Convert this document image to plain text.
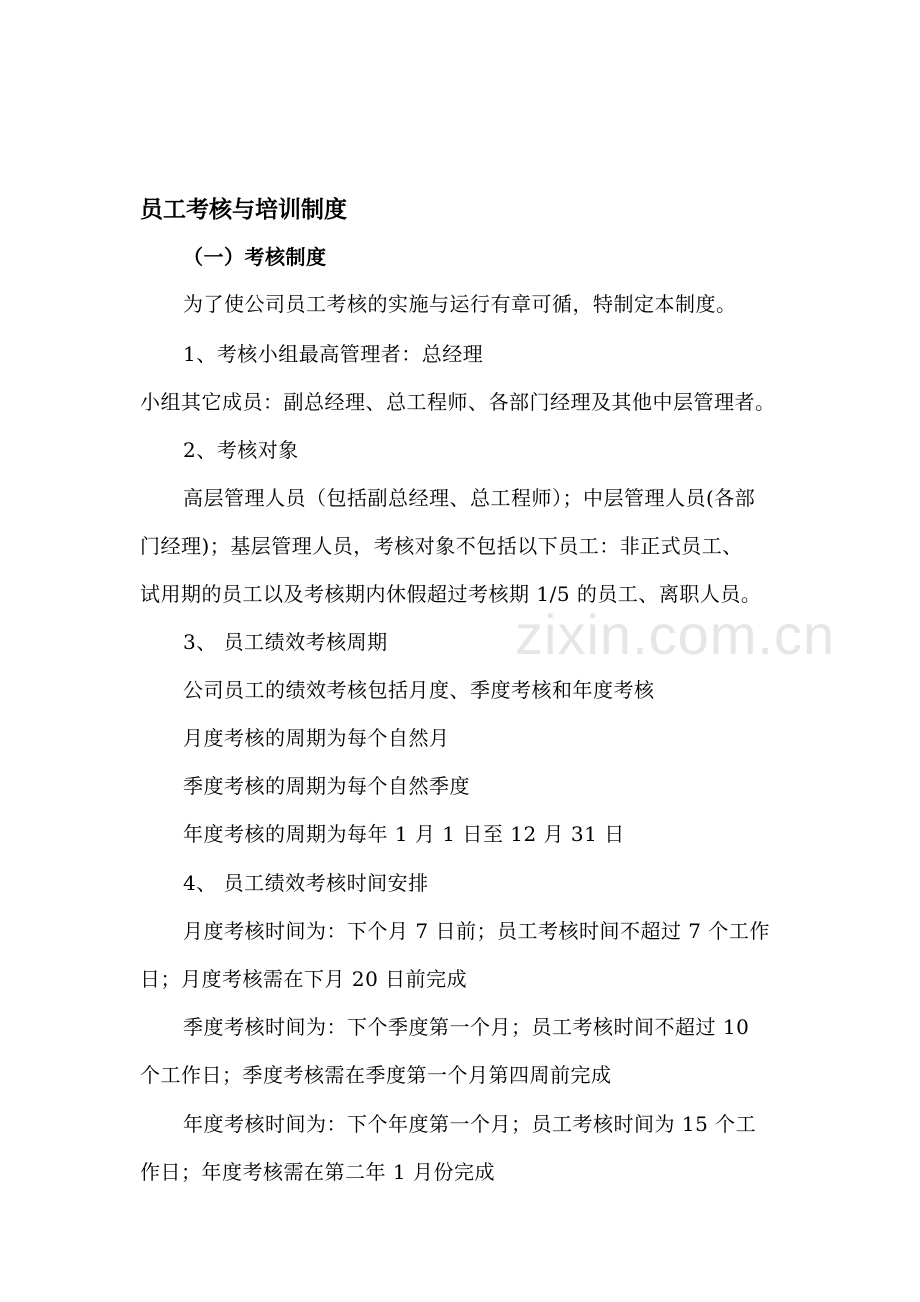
员工考核与培训制度
（一）考核制度
为了使公司员工考核的实施与运行有章可循，特制定本制度。
1、考核小组最高管理者：总经理
小组其它成员：副总经理、总工程师、各部门经理及其他中层管理者。
2、考核对象
高层管理人员（包括副总经理、总工程师）；中层管理人员(各部
门经理)；基层管理人员，考核对象不包括以下员工：非正式员工、
试用期的员工以及考核期内休假超过考核期 1/5 的员工、离职人员。
3、 员工绩效考核周期
公司员工的绩效考核包括月度、季度考核和年度考核
月度考核的周期为每个自然月
季度考核的周期为每个自然季度
年度考核的周期为每年 1 月 1 日至 12 月 31 日
4、 员工绩效考核时间安排
月度考核时间为：下个月 7 日前；员工考核时间不超过 7 个工作
日；月度考核需在下月 20 日前完成
季度考核时间为：下个季度第一个月；员工考核时间不超过 10
个工作日；季度考核需在季度第一个月第四周前完成
年度考核时间为：下个年度第一个月；员工考核时间为 15 个工
作日；年度考核需在第二年 1 月份完成
zixin.com.cn
